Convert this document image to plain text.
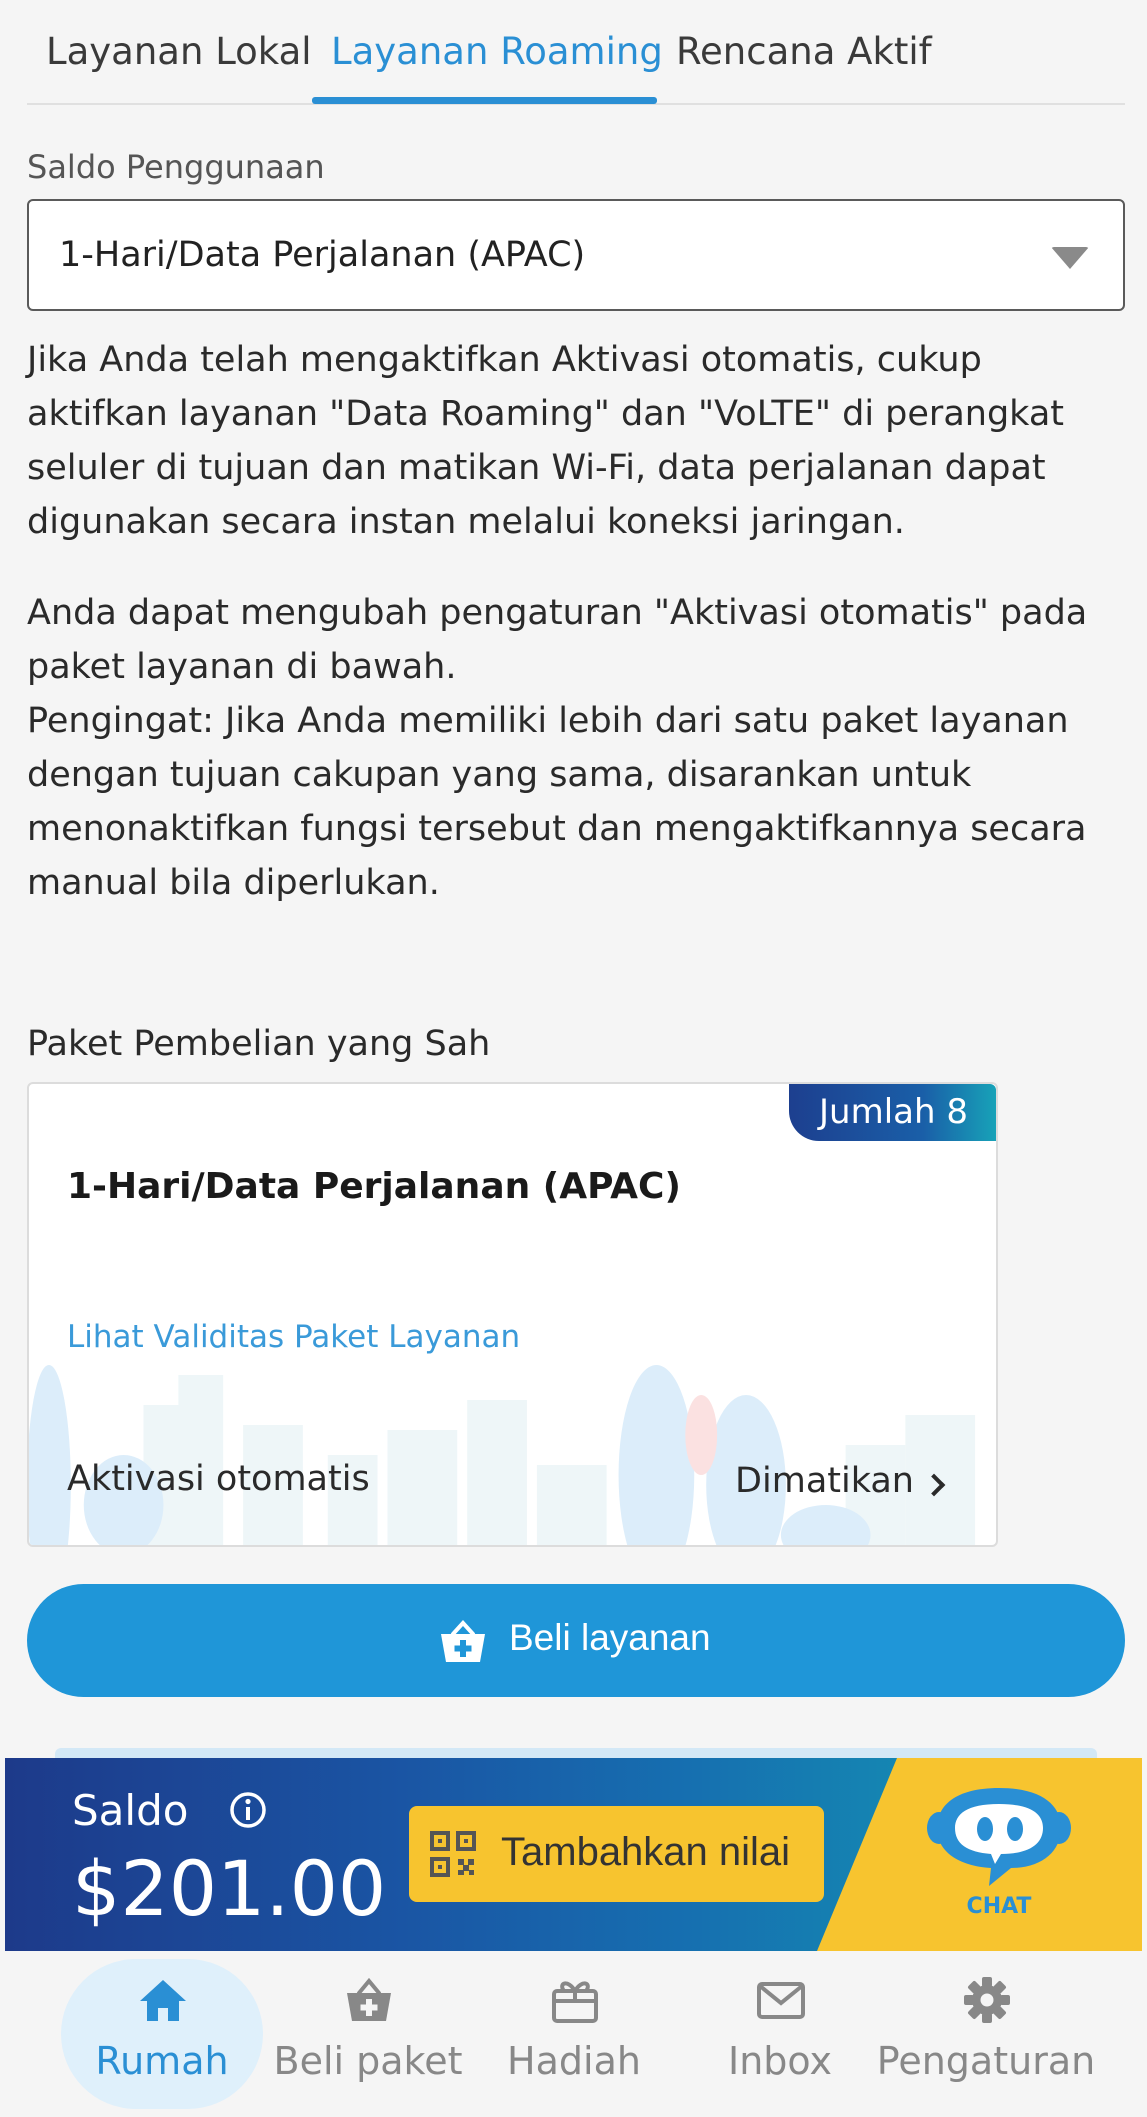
Layanan Lokal Layanan Roaming Rencana Aktif
Saldo Penggunaan
1-Hari/Data Perjalanan (APAC)
Jika Anda telah mengaktifkan Aktivasi otomatis, cukup aktifkan layanan "Data Roaming" dan "VoLTE" di perangkat seluler di tujuan dan matikan Wi-Fi, data perjalanan dapat digunakan secara instan melalui koneksi jaringan.
Anda dapat mengubah pengaturan "Aktivasi otomatis" pada paket layanan di bawah.
Pengingat: Jika Anda memiliki lebih dari satu paket layanan dengan tujuan cakupan yang sama, disarankan untuk menonaktifkan fungsi tersebut dan mengaktifkannya secara manual bila diperlukan.
Paket Pembelian yang Sah
Jumlah 8
1-Hari/Data Perjalanan (APAC)
Lihat Validitas Paket Layanan
Aktivasi otomatis	Dimatikan
Beli layanan
Saldo
$201.00	Tambahkan nilai
CHAT
Rumah	Beli paket	Hadiah	Inbox	Pengaturan
